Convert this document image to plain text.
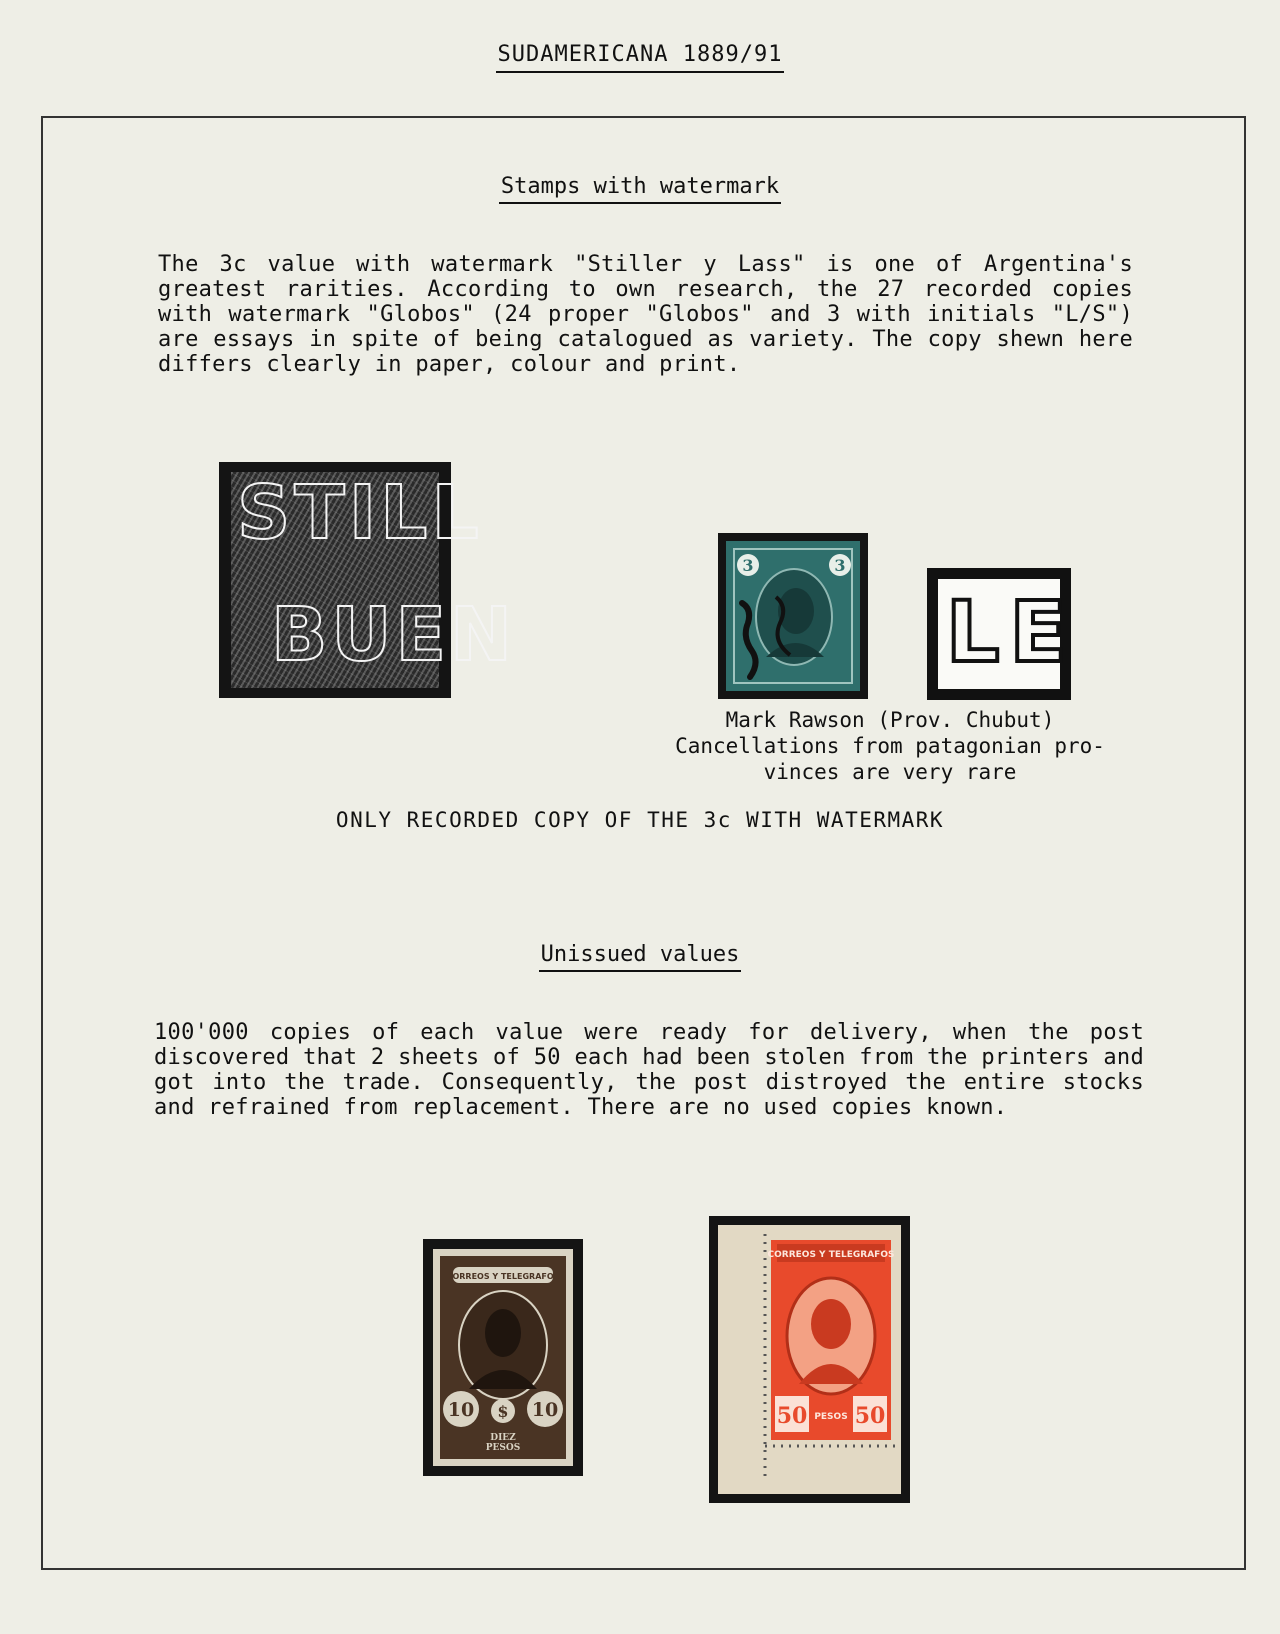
SUDAMERICANA 1889/91
Stamps with watermark
The 3c value with watermark "Stiller y Lass" is one of Argentina's greatest rarities. According to own research, the 27 recorded copies with watermark "Globos" (24 proper "Globos" and 3 with initials "L/S") are essays in spite of being catalogued as variety. The copy shewn here differs clearly in paper, colour and print.
STILL
BUEN
3	3
LE
Mark Rawson (Prov. Chubut)
Cancellations from patagonian pro-
vinces are very rare
ONLY RECORDED COPY OF THE 3c WITH WATERMARK
Unissued values
100'000 copies of each value were ready for delivery, when the post discovered that 2 sheets of 50 each had been stolen from the printers and got into the trade. Consequently, the post distroyed the entire stocks and refrained from replacement. There are no used copies known.
CORREOS Y TELEGRAFOS
10	10
$
DIEZ
PESOS
CORREOS Y TELEGRAFOS
50 50
PESOS
